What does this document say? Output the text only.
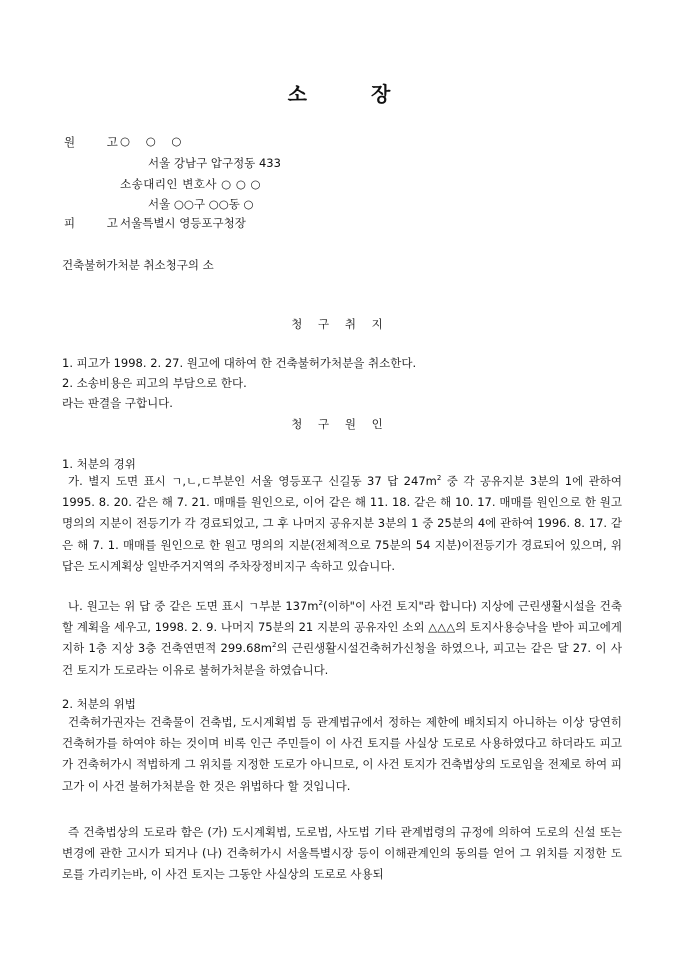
소	장
원 고
○ ○ ○
서울 강남구 압구정동 433
소송대리인 변호사 ○ ○ ○
서울 ○○구 ○○동 ○
피 고
서울특별시 영등포구청장
건축불허가처분 취소청구의 소
청 구 취 지
1. 피고가 1998. 2. 27. 원고에 대하여 한 건축불허가처분을 취소한다.
2. 소송비용은 피고의 부담으로 한다.
라는 판결을 구합니다.
청 구 원 인
1. 처분의 경위
가. 별지 도면 표시 ㄱ,ㄴ,ㄷ부분인 서울 영등포구 신길동 37 답 $247m^2$ 중 각 공유지분 3분의 1에 관하여 1995. 8. 20. 같은 해 7. 21. 매매를 원인으로, 이어 같은 해 11. 18. 같은 해 10. 17. 매매를 원인으로 한 원고명의의 지분이 전등기가 각 경료되었고, 그 후 나머지 공유지분 3분의 1 중 25분의 4에 관하여 1996. 8. 17. 같은 해 7. 1. 매매를 원인으로 한 원고 명의의 지분(전체적으로 75분의 54 지분)이전등기가 경료되어 있으며, 위 답은 도시계획상 일반주거지역의 주차장정비지구 속하고 있습니다.
나. 원고는 위 답 중 같은 도면 표시 ㄱ부분 $137m^2$(이하"이 사건 토지"라 합니다) 지상에 근린생활시설을 건축할 계획을 세우고, 1998. 2. 9. 나머지 75분의 21 지분의 공유자인 소외 △△△의 토지사용승낙을 받아 피고에게 지하 1층 지상 3층 건축연면적 $299.68m^2$의 근린생활시설건축허가신청을 하였으나, 피고는 같은 달 27. 이 사건 토지가 도로라는 이유로 불허가처분을 하였습니다.
2. 처분의 위법
건축허가권자는 건축물이 건축법, 도시계획법 등 관계법규에서 정하는 제한에 배치되지 아니하는 이상 당연히 건축허가를 하여야 하는 것이며 비록 인근 주민들이 이 사건 토지를 사실상 도로로 사용하였다고 하더라도 피고가 건축허가시 적법하게 그 위치를 지정한 도로가 아니므로, 이 사건 토지가 건축법상의 도로임을 전제로 하여 피고가 이 사건 불허가처분을 한 것은 위법하다 할 것입니다.
즉 건축법상의 도로라 함은 (가) 도시계획법, 도로법, 사도법 기타 관계법령의 규정에 의하여 도로의 신설 또는 변경에 관한 고시가 되거나 (나) 건축허가시 서울특별시장 등이 이해관계인의 동의를 얻어 그 위치를 지정한 도로를 가리키는바, 이 사건 토지는 그동안 사실상의 도로로 사용되
